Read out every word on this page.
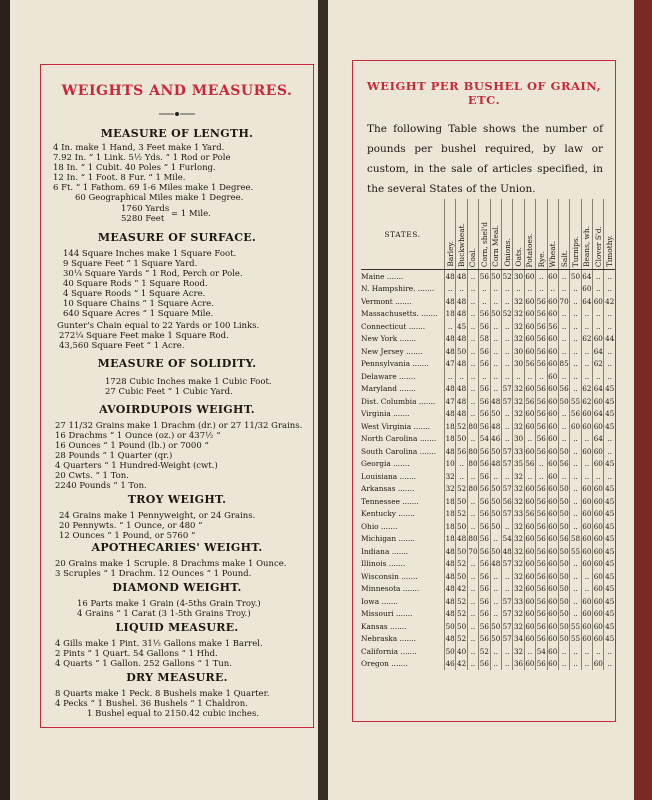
WEIGHTS AND MEASURES.
MEASURE OF LENGTH.
60 Geographical Miles make 1 Degree.
1760 Yards
5280 Feet = 1 Mile.
MEASURE OF SURFACE.
Gunter's Chain equal to 22 Yards or 100 Links.
272¼ Square Feet make 1 Square Rod.
43,560 Square Feet “ 1 Acre.
MEASURE OF SOLIDITY.
1728 Cubic Inches make 1 Cubic Foot.
27 Cubic Feet “ 1 Cubic Yard.
AVOIRDUPOIS WEIGHT.
TROY WEIGHT.
APOTHECARIES' WEIGHT.
DIAMOND WEIGHT.
LIQUID MEASURE.
DRY MEASURE.
1 Bushel equal to 2150.42 cubic inches.
4 In. make 1 Hand, 3 Feet make 1 Yard.
7.92 In. “ 1 Link. 5½ Yds. “ 1 Rod or Pole
18 In. “ 1 Cubit. 40 Poles “ 1 Furlong.
12 In. “ 1 Foot. 8 Fur. “ 1 Mile.
6 Ft. “ 1 Fathom. 69 1-6 Miles make 1 Degree.
144 Square Inches make 1 Square Foot.
9 Square Feet “ 1 Square Yard.
30¼ Square Yards “ 1 Rod, Perch or Pole.
40 Square Rods “ 1 Square Rood.
4 Square Roods “ 1 Square Acre.
10 Square Chains “ 1 Square Acre.
640 Square Acres “ 1 Square Mile.
27 11/32 Grains make 1 Drachm (dr.) or 27 11/32 Grains.
16 Drachms “ 1 Ounce (oz.) or 437½ “
16 Ounces “ 1 Pound (lb.) or 7000 “
28 Pounds “ 1 Quarter (qr.)
4 Quarters “ 1 Hundred-Weight (cwt.)
20 Cwts. “ 1 Ton.
2240 Pounds “ 1 Ton.
24 Grains make 1 Pennyweight, or 24 Grains.
20 Pennywts. “ 1 Ounce, or 480 “
12 Ounces “ 1 Pound, or 5760 “
20 Grains make 1 Scruple. 8 Drachms make 1 Ounce.
3 Scruples “ 1 Drachm. 12 Ounces “ 1 Pound.
16 Parts make 1 Grain (4-5ths Grain Troy.)
4 Grains “ 1 Carat (3 1-5th Grains Troy.)
4 Gills make 1 Pint. 31½ Gallons make 1 Barrel.
2 Pints “ 1 Quart. 54 Gallons “ 1 Hhd.
4 Quarts “ 1 Gallon. 252 Gallons “ 1 Tun.
8 Quarts make 1 Peck. 8 Bushels make 1 Quarter.
4 Pecks “ 1 Bushel. 36 Bushels “ 1 Chaldron.
WEIGHT PER BUSHEL OF GRAIN, ETC.
The following Table shows the number of pounds per bushel required, by law or custom, in the sale of articles specified, in the several States of the Union.
STATES.	Barley.	Buckwheat.	Coal.	Corn, shel'd	Corn Meal.	Onions.	Oats.	Potatoes.	Rye.	Wheat.	Salt.	Turnips.	Beans, wh.	Clover S'd.	Timothy.
Maine .......	48	48	..	56	50	52	30	60	..	60	..	50	64	..	..
N. Hampshire. .......	..	..	..	..	..	..	..	..	..	..	..	..	60	..	..
Vermont .......	48	48	..	..	..	..	32	60	56	60	70	..	64	60	42
Massachusetts. .......	18	48	..	56	50	52	32	60	56	60	..	..	..	..	..
Connecticut .......	..	45	..	56	..	..	32	60	56	56	..	..	..	..	..
New York .......	48	48	..	58	..	..	32	60	56	60	..	..	62	60	44
New Jersey .......	48	50	..	56	..	..	30	60	56	60	..	..	..	64	..
Pennsylvania .......	47	48	..	56	..	..	30	56	56	60	85	..	..	62	..
Delaware .......	..	..	..	..	..	..	..	..	..	60	..	..	..	..	..
Maryland .......	48	48	..	56	..	57	32	60	56	60	56	..	62	64	45
Dist. Columbia .......	47	48	..	56	48	57	32	56	56	60	50	55	62	60	45
Virginia .......	48	48	..	56	50	..	32	60	56	60	..	56	60	64	45
West Virginia .......	18	52	80	56	48	..	32	60	56	60	..	60	60	60	45
North Carolina .......	18	50	..	54	46	..	30	..	56	60	..	..	..	64	..
South Carolina .......	48	56	80	56	50	57	33	60	56	60	50	..	60	60	..
Georgia .......	10	..	80	56	48	57	35	56	..	60	56	..	..	60	45
Louisiana .......	32	..	..	56	..	..	32	..	..	60	..	..	..	..	..
Arkansas .......	32	52	80	56	50	57	32	60	56	60	50	..	60	60	45
Tennessee .......	18	50	..	56	50	56	32	60	56	60	50	..	60	60	45
Kentucky .......	18	52	..	56	50	57	33	56	56	60	50	..	60	60	45
Ohio .......	18	50	..	56	50	..	32	60	56	60	50	..	60	60	45
Michigan .......	18	48	80	56	..	54	32	60	56	60	56	58	60	60	45
Indiana .......	48	50	70	56	50	48	32	60	56	60	50	55	60	60	45
Illinois .......	48	52	..	56	48	57	32	60	56	60	50	..	60	60	45
Wisconsin .......	48	50	..	56	..	..	32	60	56	60	50	..	..	60	45
Minnesota .......	48	42	..	56	..	..	32	60	56	60	50	..	..	60	45
Iowa .......	48	52	..	56	..	57	33	60	56	60	50	..	60	60	45
Missouri .......	48	52	..	56	..	57	32	60	56	60	50	..	60	60	45
Kansas .......	50	50	..	56	50	57	32	60	56	60	50	55	60	60	45
Nebraska .......	48	52	..	56	50	57	34	60	56	60	50	55	60	60	45
California .......	50	40	..	52	..	..	32	..	54	60	..	..	..	..	..
Oregon .......	46	42	..	56	..	..	36	60	56	60	..	..	..	60	..
